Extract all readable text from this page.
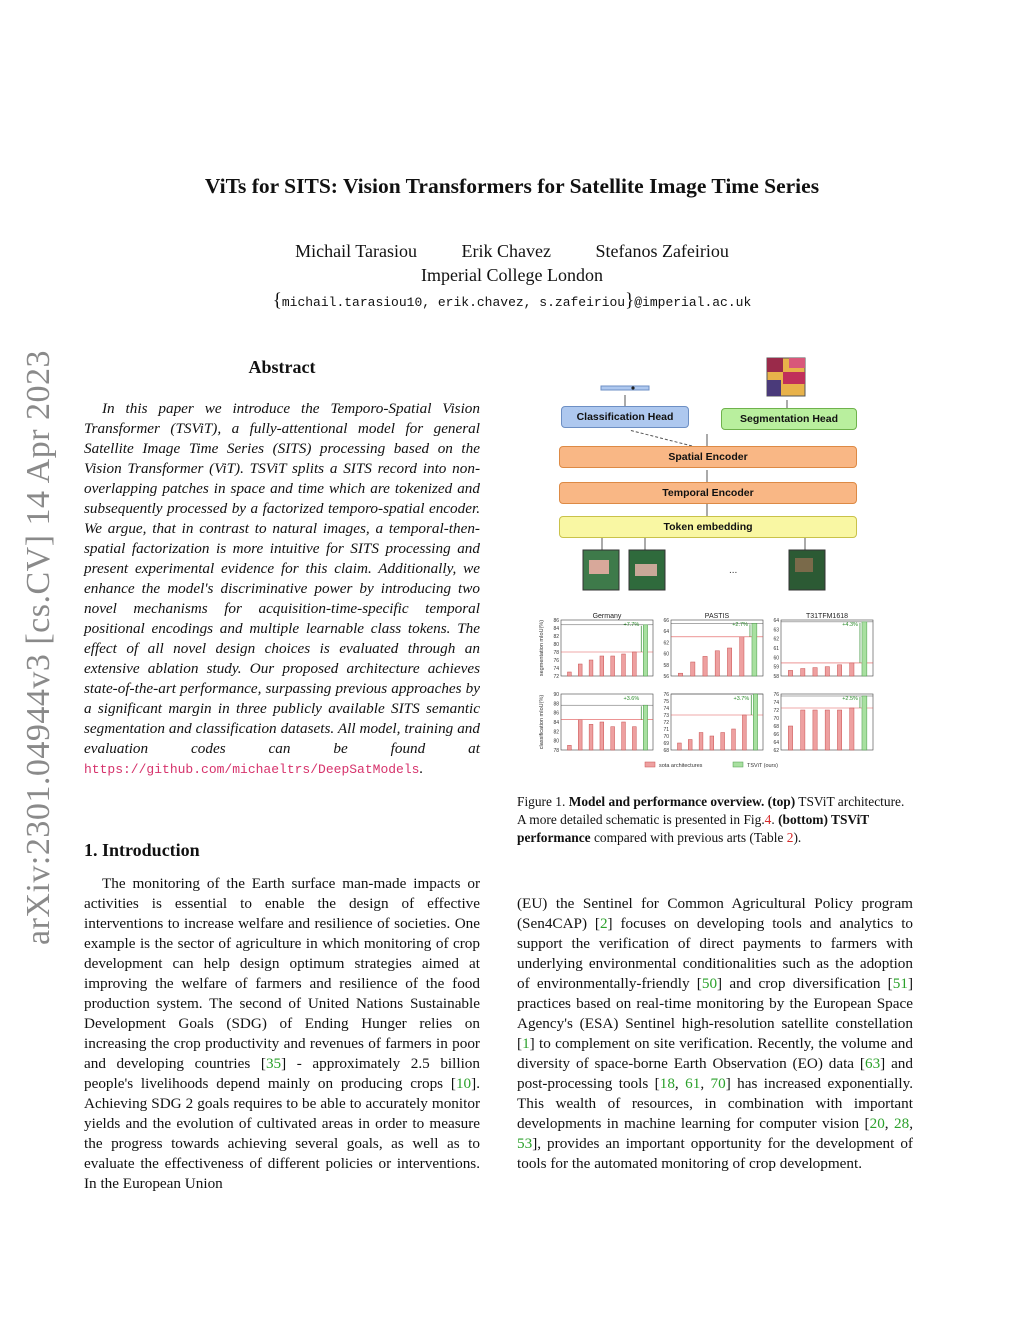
arXiv:2301.04944v3 [cs.CV] 14 Apr 2023
ViTs for SITS: Vision Transformers for Satellite Image Time Series
Michail Tarasiou Erik Chavez Stefanos Zafeiriou
Imperial College London
{michail.tarasiou10, erik.chavez, s.zafeiriou}@imperial.ac.uk
Abstract
In this paper we introduce the Temporo-Spatial Vision Transformer (TSViT), a fully-attentional model for general Satellite Image Time Series (SITS) processing based on the Vision Transformer (ViT). TSViT splits a SITS record into non-overlapping patches in space and time which are tokenized and subsequently processed by a factorized temporo-spatial encoder. We argue, that in contrast to natural images, a temporal-then-spatial factorization is more intuitive for SITS processing and present experimental evidence for this claim. Additionally, we enhance the model's discriminative power by introducing two novel mechanisms for acquisition-time-specific temporal positional encodings and multiple learnable class tokens. The effect of all novel design choices is evaluated through an extensive ablation study. Our proposed architecture achieves state-of-the-art performance, surpassing previous approaches by a significant margin in three publicly available SITS semantic segmentation and classification datasets. All model, training and evaluation codes can be found at https://github.com/michaeltrs/DeepSatModels.
1. Introduction
The monitoring of the Earth surface man-made impacts or activities is essential to enable the design of effective interventions to increase welfare and resilience of societies. One example is the sector of agriculture in which monitoring of crop development can help design optimum strategies aimed at improving the welfare of farmers and resilience of the food production system. The second of United Nations Sustainable Development Goals (SDG) of Ending Hunger relies on increasing the crop productivity and revenues of farmers in poor and developing countries [35] - approximately 2.5 billion people's livelihoods depend mainly on producing crops [10]. Achieving SDG 2 goals requires to be able to accurately monitor yields and the evolution of cultivated areas in order to measure the progress towards achieving several goals, as well as to evaluate the effectiveness of different policies or interventions. In the European Union
(EU) the Sentinel for Common Agricultural Policy program (Sen4CAP) [2] focuses on developing tools and analytics to support the verification of direct payments to farmers with underlying environmental conditionalities such as the adoption of environmentally-friendly [50] and crop diversification [51] practices based on real-time monitoring by the European Space Agency's (ESA) Sentinel high-resolution satellite constellation [1] to complement on site verification. Recently, the volume and diversity of space-borne Earth Observation (EO) data [63] and post-processing tools [18, 61, 70] has increased exponentially. This wealth of resources, in combination with important developments in machine learning for computer vision [20, 28, 53], provides an important opportunity for the development of tools for the automated monitoring of crop development.
...
Classification Head	Segmentation Head
Spatial Encoder
Temporal Encoder
Token embedding
Germany
72
74
76
78
80
82
84
86
segmentation mIoU(%)	+7.7%
PASTIS
56
58
60
62
64
66
+2.7%
T31TFM1618
58
59
60
61
62
63
64
+4.3%
78
80
82
84
86
88
90
classification mIoU(%)	+3.6%
68
69
70
71
72
73
74
75
76
+3.7%
62
64
66
68
70
72
74
76
+2.5%
sota architectures	TSViT (ours)
Figure 1. Model and performance overview. (top) TSViT architecture. A more detailed schematic is presented in Fig.4. (bottom) TSViT performance compared with previous arts (Table 2).
